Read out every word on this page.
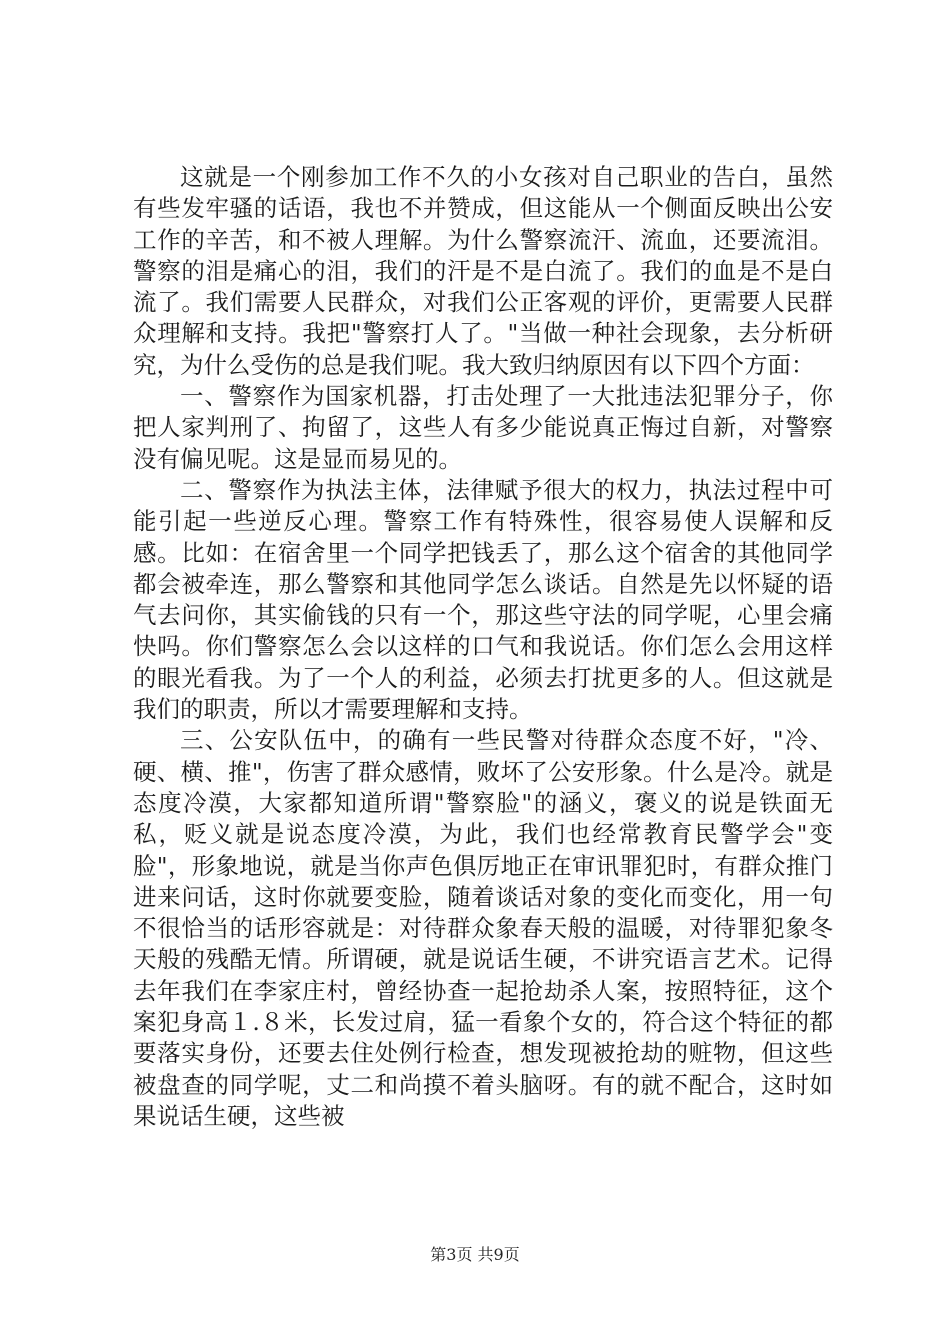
这就是一个刚参加工作不久的小女孩对自己职业的告白，虽然有些发牢骚的话语，我也不并赞成，但这能从一个侧面反映出公安工作的辛苦，和不被人理解。为什么警察流汗、流血，还要流泪。警察的泪是痛心的泪，我们的汗是不是白流了。我们的血是不是白流了。我们需要人民群众，对我们公正客观的评价，更需要人民群众理解和支持。我把"警察打人了。"当做一种社会现象，去分析研究，为什么受伤的总是我们呢。我大致归纳原因有以下四个方面：

一、警察作为国家机器，打击处理了一大批违法犯罪分子，你把人家判刑了、拘留了，这些人有多少能说真正悔过自新，对警察没有偏见呢。这是显而易见的。

二、警察作为执法主体，法律赋予很大的权力，执法过程中可能引起一些逆反心理。警察工作有特殊性，很容易使人误解和反感。比如：在宿舍里一个同学把钱丢了，那么这个宿舍的其他同学都会被牵连，那么警察和其他同学怎么谈话。自然是先以怀疑的语气去问你，其实偷钱的只有一个，那这些守法的同学呢，心里会痛快吗。你们警察怎么会以这样的口气和我说话。你们怎么会用这样的眼光看我。为了一个人的利益，必须去打扰更多的人。但这就是我们的职责，所以才需要理解和支持。

三、公安队伍中，的确有一些民警对待群众态度不好，"冷、硬、横、推"，伤害了群众感情，败坏了公安形象。什么是冷。就是态度冷漠，大家都知道所谓"警察脸"的涵义，褒义的说是铁面无私，贬义就是说态度冷漠，为此，我们也经常教育民警学会"变脸"，形象地说，就是当你声色俱厉地正在审讯罪犯时，有群众推门进来问话，这时你就要变脸，随着谈话对象的变化而变化，用一句不很恰当的话形容就是：对待群众象春天般的温暖，对待罪犯象冬天般的残酷无情。所谓硬，就是说话生硬，不讲究语言艺术。记得去年我们在李家庄村，曾经协查一起抢劫杀人案，按照特征，这个案犯身高１.８米，长发过肩，猛一看象个女的，符合这个特征的都要落实身份，还要去住处例行检查，想发现被抢劫的赃物，但这些被盘查的同学呢，丈二和尚摸不着头脑呀。有的就不配合，这时如果说话生硬，这些被

第3页 共9页
